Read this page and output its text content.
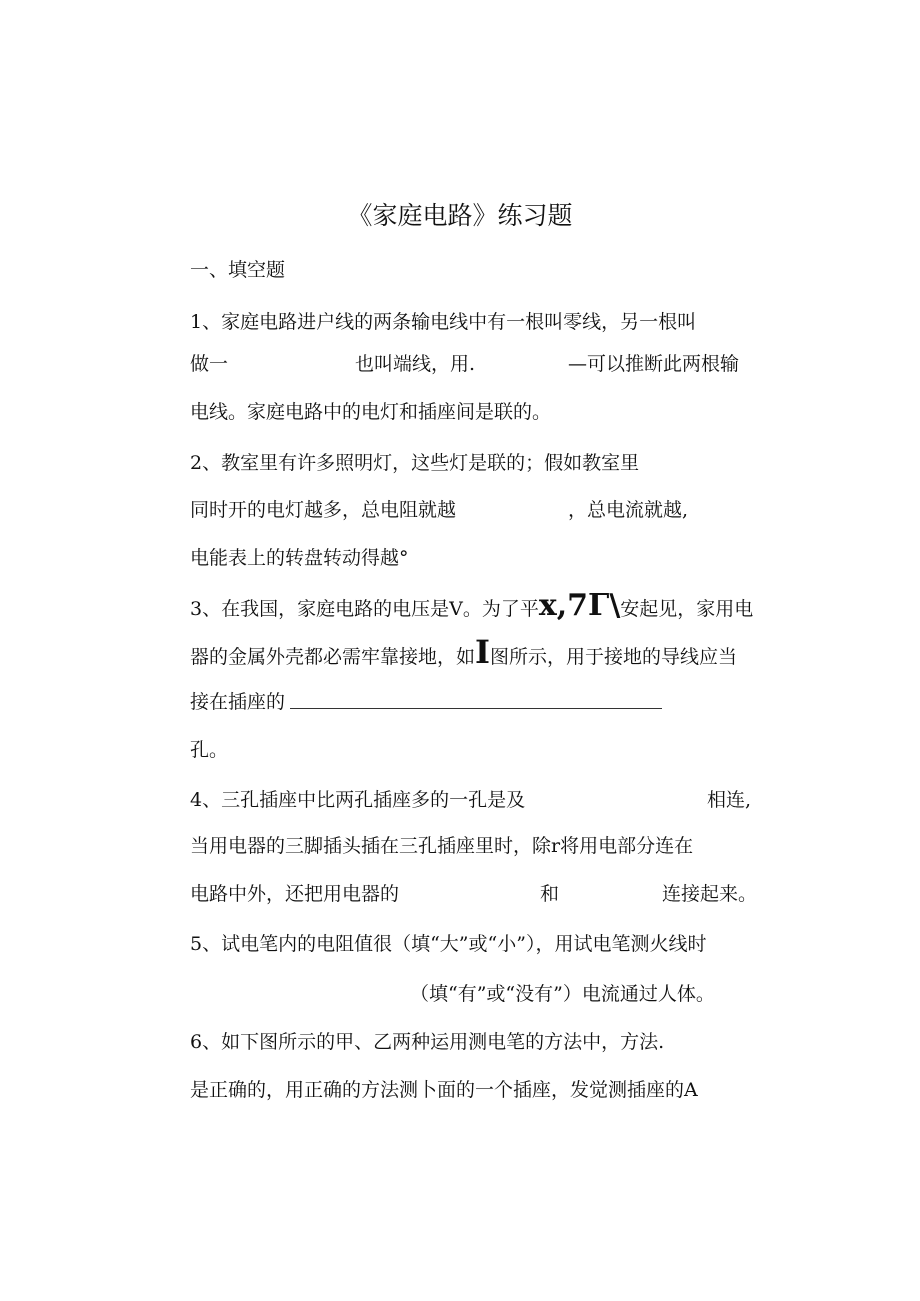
《家庭电路》练习题
一、填空题
1、家庭电路进户线的两条输电线中有一根叫零线，另一根叫
做一	也叫端线，用.	—可以推断此两根输
电线。家庭电路中的电灯和插座间是联的。
2、教室里有许多照明灯，这些灯是联的；假如教室里
同时开的电灯越多，总电阻就越	，总电流就越,
电能表上的转盘转动得越°
3、在我国，家庭电路的电压是V。为了平x,7Γ\安起见，家用电
器的金属外壳都必需牢靠接地，如I图所示，用于接地的导线应当
接在插座的
孔。
4、三孔插座中比两孔插座多的一孔是及	相连,
当用电器的三脚插头插在三孔插座里时，除r将用电部分连在
电路中外，还把用电器的	和	连接起来。
5、试电笔内的电阻值很（填“大”或“小”），用试电笔测火线时
（填“有”或“没有”）电流通过人体。
6、如下图所示的甲、乙两种运用测电笔的方法中，方法.
是正确的，用正确的方法测卜面的一个插座，发觉测插座的A
